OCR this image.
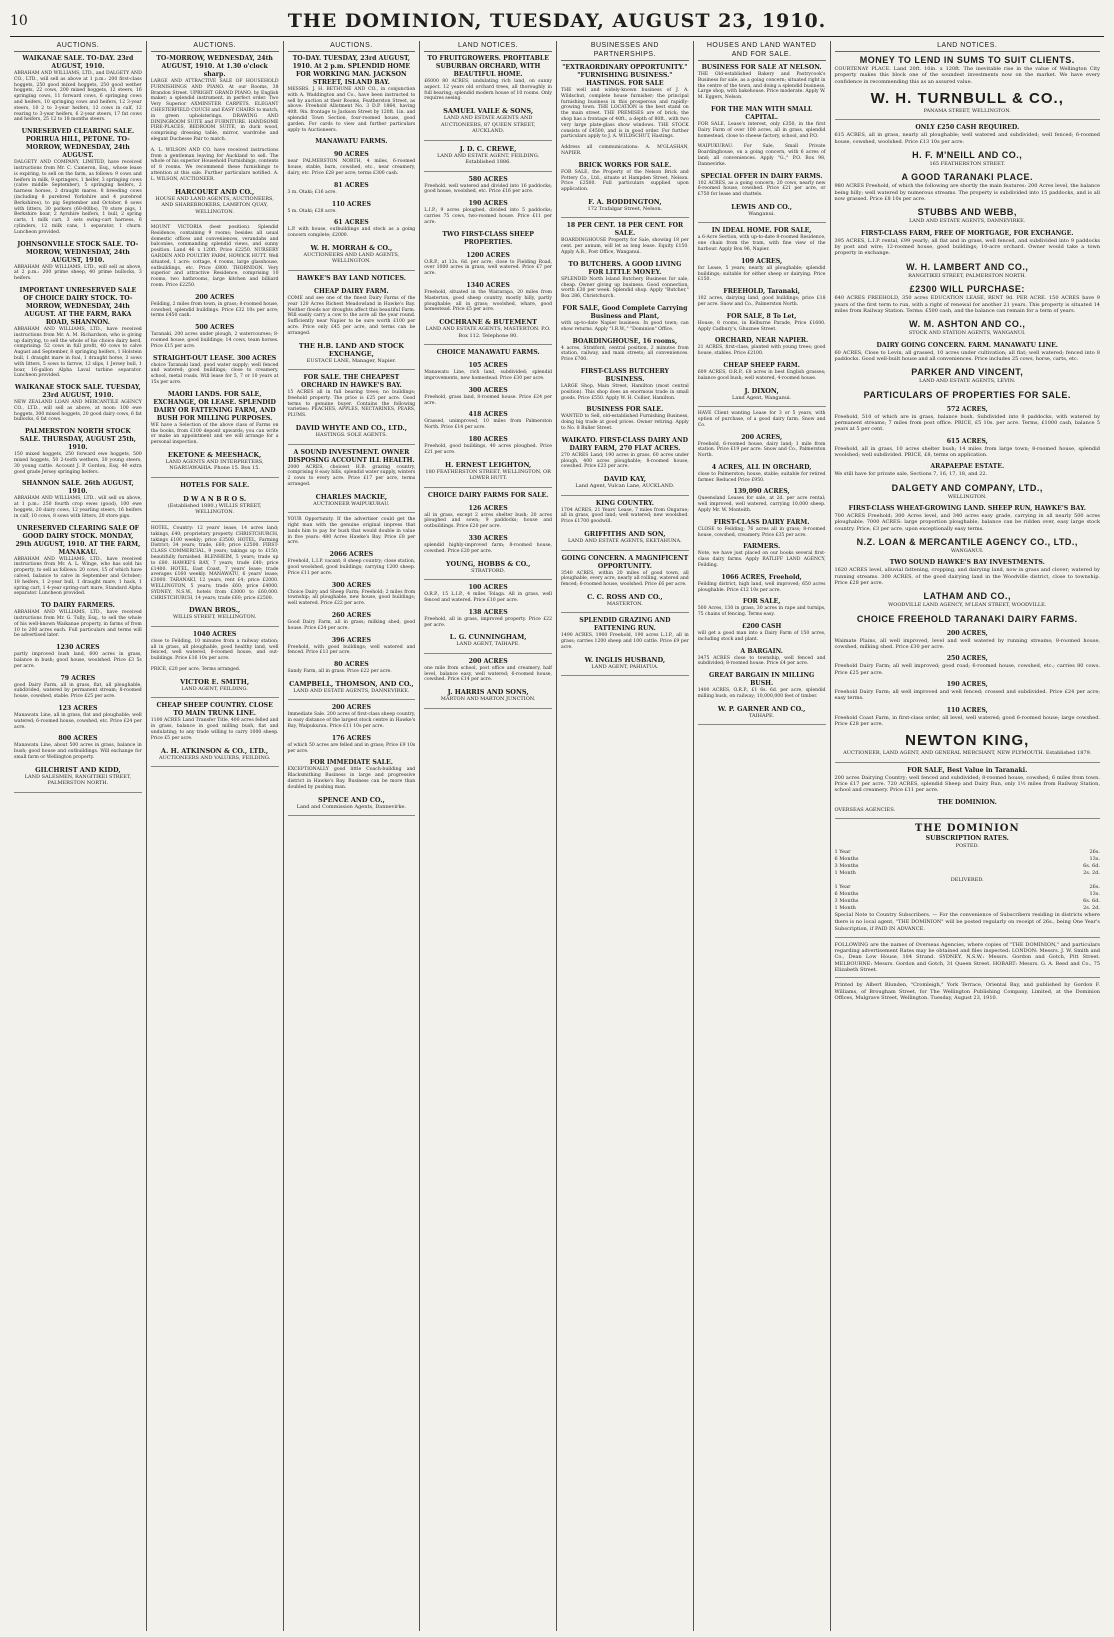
10	THE DOMINION, TUESDAY, AUGUST 23, 1910.
AUCTIONS.
WAIKANAE SALE. TO-DAY. 23rd AUGUST, 1910.
ABRAHAM AND WILLIAMS, LTD., and DALGETY AND CO., LTD., will sell as above at 1 p.m.: 200 first-class hoggets, 250 good mixed hoggets, 250 good wether hoggets, 22 cows, 200 mixed hoggets, 12 steers, 16 springing cows, 11 forward cows, 6 springing cows and heifers, 10 springing cows and heifers, 12 3-year steers, 10 2 to 3-year heifers, 12 cows in calf, 12 rearing to 3-year heifers, 6 2-year steers, 17 fat cows and heifers, 25 12 to 18 months steers.
UNRESERVED CLEARING SALE. PORIRUA HILL, PETONE. TO-MORROW, WEDNESDAY, 24th AUGUST.
DALGETY AND COMPANY, LIMITED, have received instructions from Mr. C. Cameron, Esq., whose lease is expiring, to sell on the farm, as follows: 9 cows and heifers in milk, 9 springers, 1 heifer, 3 springing cows (calve middle September), 5 springing heifers, 2 harness horses, 2 draught mares. 8 breeding cows (including 8 purebred Yorkshire and 4 purebred Berkshires), to pig September and October, 8 sows with litters, 30 porkers (60-80lbs), 70 store pigs, 1 Berkshire boar, 2 Ayrshire heifers, 1 bull, 2 spring carts, 1 milk cart, 3 sets swing-cart harness, 6 cylinders, 12 milk cans, 1 separator, 1 churn. Luncheon provided.
JOHNSONVILLE STOCK SALE. TO-MORROW, WEDNESDAY, 24th AUGUST, 1910.
ABRAHAM AND WILLIAMS, LTD., will sell as above, at 2 p.m.: 200 prime sheep, 40 prime bullocks, 3 heifers.
IMPORTANT UNRESERVED SALE OF CHOICE DAIRY STOCK. TO-MORROW, WEDNESDAY, 24th AUGUST. AT THE FARM, RAKA ROAD, SHANNON.
ABRAHAM AND WILLIAMS, LTD., have received instructions from Mr. A. M. Richardson, who is giving up dairying, to sell the whole of his choice dairy herd, comprising: 52 cows in full profit, 40 cows to calve August and September, 8 springing heifers, 1 Holstein bull, 1 draught mare in foal, 1 draught horse, 3 sows with litters, 5 sows to farrow, 12 slips, 1 Jersey bull, 1 boar, 16-gallon Alpha Laval turbine separator. Luncheon provided.
WAIKANAE STOCK SALE. TUESDAY, 23rd AUGUST, 1910.
NEW ZEALAND LOAN AND MERCANTILE AGENCY CO., LTD., will sell as above, at noon: 100 ewe hoggets, 300 mixed hoggets, 20 good dairy cows, 6 fat bullocks, 6 fat cows.
PALMERSTON NORTH STOCK SALE. THURSDAY, AUGUST 25th, 1910.
150 mixed hoggets, 250 forward ewe hoggets, 500 mixed hoggets, 50 2-tooth wethers, 30 young steers, 30 young cattle. Account J. P. Gordon, Esq. 40 extra good grade Jersey springing heifers.
SHANNON SALE. 26th AUGUST, 1910.
ABRAHAM AND WILLIAMS, LTD., will sell on above, at 1 p.m.: 250 fourth crop ewes (good), 100 ewe hoggets, 20 dairy cows, 12 yearling steers, 16 heifers in calf, 10 cows, 8 sows with litters, 20 store pigs.
UNRESERVED CLEARING SALE OF GOOD DAIRY STOCK. MONDAY, 29th AUGUST, 1910. AT THE FARM, MANAKAU.
ABRAHAM AND WILLIAMS, LTD., have received instructions from Mr. A. L. Winge, who has sold his property, to sell as follows: 20 cows, 15 of which have calved, balance to calve in September and October; 18 heifers, 1 2-year bull, 1 draught mare, 1 hack, 1 spring cart, 1 4-year spring-cart mare, Standard Alpha separator. Luncheon provided.
TO DAIRY FARMERS.
ABRAHAM AND WILLIAMS, LTD., have received instructions from Mr. G. Tully, Esq., to sell the whole of his well-known Waikanae property, in farms of from 10 to 200 acres each. Full particulars and terms will be advertised later.
1230 ACRES
partly improved bush land, 600 acres in grass, balance in bush; good house, woolshed. Price £3 5s per acre.
79 ACRES
good Dairy Farm, all in grass, flat, all ploughable, subdivided, watered by permanent stream; 8-roomed house, cowshed, stable. Price £25 per acre.
123 ACRES
Manawatu Line, all in grass, flat and ploughable; well watered; 6-roomed house, cowshed, etc. Price £24 per acre.
800 ACRES
Manawatu Line, about 500 acres in grass, balance in bush; good house and outbuildings. Will exchange for small farm or Wellington property.
GILCHRIST AND KIDD,
LAND SALESMEN, RANGITIKEI STREET, PALMERSTON NORTH.
AUCTIONS.
TO-MORROW, WEDNESDAY, 24th AUGUST, 1910. At 1.30 o'clock sharp.
LARGE AND ATTRACTIVE SALE OF HOUSEHOLD FURNISHINGS AND PIANO. At our Rooms, 38 Brandon Street. UPRIGHT GRAND PIANO, by English maker; a splendid instrument, in perfect order. Two Very Superior AXMINSTER CARPETS. ELEGANT CHESTERFIELD COUCH and EASY CHAIRS to match, in green upholsterings. DRAWING AND DININGROOM SUITE and FURNITURE. HANDSOME FIRE-PLACES, BEDROOM SUITE, in duck wood, comprising dressing table, mirror, wardrobe and elegant Duchesse Pair to match.
A. L. WILSON AND CO. have received instructions from a gentleman leaving for Auckland to sell. The whole of his superior Household Furnishings, contents of 8 rooms. We recommend these furnishings to attention at this sale. Further particulars notified. A. L. WILSON, AUCTIONEER.
HARCOURT AND CO.,
HOUSE AND LAND AGENTS, AUCTIONEERS, AND SHAREBROKERS, LAMBTON QUAY, WELLINGTON.
MOUNT VICTORIA (best position). Splendid Residence, containing 9 rooms; besides all usual domestic offices and conveniences, verandahs and balconies, commanding splendid views, and sunny position. Land 46 x 120ft. Price £2250. NURSERY GARDEN AND POULTRY FARM, HOWICK HUTT. Well situated, 1 acre: cottage, 4 rooms, large glasshouse, outbuildings, etc. Price £800. THORNDON. Very superior and attractive Residence, comprising 10 rooms, two bathrooms, large kitchen and billiard room. Price £2250.
200 ACRES
Feilding, 2 miles from town, in grass; 8-roomed house, cowshed, splendid buildings. Price £32 10s per acre; terms £450 cash.
500 ACRES
Taranaki, 200 acres under plough, 2 watercourses; 8-roomed house, good buildings; 14 cows, team horses. Price £15 per acre.
STRAIGHT-OUT LEASE. 300 ACRES
choice Taranaki land, good water supply; well fenced and watered; good buildings; close to creamery, school, metal roads. Will lease for 5, 7 or 10 years at 15s per acre.
MAORI LANDS. FOR SALE, EXCHANGE, OR LEASE. SPLENDID DAIRY OR FATTENING FARM, AND BUSH FOR MILLING PURPOSES.
WE have a Selection of the above class of Farms on the books, from £100 deposit upwards; you can write or make an appointment and we will arrange for a personal inspection.
EKETONE & MEESHACK,
LAND AGENTS AND INTERPRETERS, NGARUAWAHIA. Phone 15. Box 15.
HOTELS FOR SALE.
D W A N B R O S.
(Established 1880.) WILLIS STREET, WELLINGTON.
HOTEL, Country: 12 years' lease, 14 acres land; takings, £40; proprietary property. CHRISTCHURCH, takings £100 weekly; price £3500. HOTEL, Farming District; 34 years; trade, £60; price £2500. FIRST-CLASS COMMERCIAL, 9 years; takings up to £150; beautifully furnished. BLENHEIM, 5 years; trade up to £80. HAWKE'S BAY, 7 years; trade £40; price £1400. HOTEL, East Coast, 7 years' lease; trade averages £160 weekly. MANAWATU, 6 years' lease; £3000. TARANAKI, 12 years, rent £4; price £2000. WELLINGTON, 5 years; trade £60; price £4000. SYDNEY, N.S.W., hotels from £3000 to £60,000. CHRISTCHURCH, 14 years; trade £60; price £2500.
DWAN BROS.,
WILLIS STREET, WELLINGTON.
1040 ACRES
close to Feilding, 10 minutes from a railway station; all in grass, all ploughable, good healthy land, well fenced, well watered, 8-roomed house, and out-buildings. Price £16 10s per acre.
PRICE, £20 per acre. Terms arranged.
VICTOR E. SMITH,
LAND AGENT, FEILDING.
CHEAP SHEEP COUNTRY. CLOSE TO MAIN TRUNK LINE.
1100 ACRES Land Transfer Title, 400 acres felled and in grass, balance in good milling bush, flat and undulating; to any trade willing to carry 1000 sheep. Price £5 per acre.
A. H. ATKINSON & CO., LTD.,
AUCTIONEERS AND VALUERS, FEILDING.
AUCTIONS.
TO-DAY. TUESDAY, 23rd AUGUST, 1910. At 2 p.m. SPLENDID HOME FOR WORKING MAN. JACKSON STREET, ISLAND BAY.
MESSRS. J. H. BETHUNE AND CO., in conjunction with A. Waddington and Co., have been instructed to sell by auction at their Rooms, Featherston Street, as above: Freehold Allotment No. 3 D.P. 1864, having 40ft. 9in. frontage to Jackson Street by 120ft. 1in. and splendid Town Section, four-roomed house, good garden. For cards to view and further particulars apply to Auctioneers.
MANAWATU FARMS.
90 ACRES
near PALMERSTON NORTH, 4 miles, 6-roomed house, stable, barn, cowshed, etc., near creamery, dairy, etc. Price £28 per acre; terms £300 cash.
81 ACRES
3 m. Otaki; £16 acre.
110 ACRES
5 m. Otaki; £28 acre.
61 ACRES
L.P. with house, outbuildings and stock as a going concern complete; £2000.
W. H. MORRAH & CO.,
AUCTIONEERS AND LAND AGENTS, WELLINGTON.
HAWKE'S BAY LAND NOTICES.
CHEAP DAIRY FARM.
COME and see one of the finest Dairy Farms of the year 120 Acres Richest Meadowland in Hawke's Bay. Neither floods nor droughts affect this beautiful Farm. Will easily carry a cow to the acre all the year round. Sufficiently near Napier to be sure worth £100 per acre. Price only £45 per acre, and terms can be arranged.
THE H.B. LAND AND STOCK EXCHANGE,
EUSTACE LANE, Manager, Napier.
FOR SALE. THE CHEAPEST ORCHARD IN HAWKE'S BAY.
15 ACRES all in full bearing trees; no buildings; freehold property. The price is £25 per acre. Good terms to genuine buyer. Contains the following varieties: PEACHES, APPLES, NECTARINES, PEARS, PLUMS.
DAVID WHYTE AND CO., LTD.,
HASTINGS. SOLE AGENTS.
A SOUND INVESTMENT. OWNER DISPOSING ACCOUNT ILL HEALTH.
2000 ACRES, choicest H.B. grazing country, comprising 8 easy hills, splendid water supply, winters 2 cows to every acre. Price £17 per acre, terms arranged.
CHARLES MACKIE,
AUCTIONEER WAIPUKURAU.
YOUR Opportunity. If the advertiser could get the right man with the genuine original impress that lands him to pay for bush that would double in value in five years: 480 Acres Hawke's Bay. Price £8 per acre.
2066 ACRES
Freehold, L.I.P. vacant; 8 sheep country; close station, good woolshed, good buildings; carrying 1200 sheep. Price £11 per acre.
300 ACRES
Choice Dairy and Sheep Farm; Freehold; 2 miles from township; all ploughable, new house, good buildings; well watered. Price £22 per acre.
260 ACRES
Good Dairy Farm, all in grass; milking shed, good house. Price £24 per acre.
396 ACRES
Freehold, with good buildings; well watered and fenced. Price £13 per acre.
80 ACRES
Sandy Farm, all in grass. Price £22 per acre.
CAMPBELL, THOMSON, AND CO.,
LAND AND ESTATE AGENTS, DANNEVIRKE.
200 ACRES
Immediate Sale. 200 acres of first-class sheep country, in easy distance of the largest stock centre in Hawke's Bay, Waipukurau. Price £11 10s per acre.
176 ACRES
of which 50 acres are felled and in grass; Price £9 10s per acre.
FOR IMMEDIATE SALE.
EXCEPTIONALLY good little Coach-building and Blacksmithing Business in large and progressive district in Hawke's Bay. Business can be more than doubled by pushing man.
SPENCE AND CO.,
Land and Commission Agents, Dannevirke.
LAND NOTICES.
TO FRUITGROWERS. PROFITABLE SUBURBAN ORCHARD, WITH BEAUTIFUL HOME.
£6000 80 ACRES, undulating rich land, on sunny aspect. 12 years old orchard trees, all thoroughly in full bearing; splendid modern house of 10 rooms. Only requires seeing.
SAMUEL VAILE & SONS,
LAND AND ESTATE AGENTS AND AUCTIONEERS, 87 QUEEN STREET, AUCKLAND.
J. D. C. CREWE,
LAND AND ESTATE AGENT, FEILDING. Established 1886.
580 ACRES
Freehold, well watered and divided into 16 paddocks; good house, woolshed, etc. Price £16 per acre.
190 ACRES
L.I.P.; 9 acres ploughed, divided into 5 paddocks; carries 75 cows, two-roomed house. Price £11 per acre.
TWO FIRST-CLASS SHEEP PROPERTIES.
1200 ACRES
O.R.P., at 12s. 6d. per acre; close to Fielding Road, over 1000 acres in grass, well watered. Price £7 per acre.
1340 ACRES
Freehold, situated in the Wairarapa, 20 miles from Masterton, good sheep country, mostly hilly, partly ploughable; all in grass; woolshed, whare, good homestead. Price £5 per acre.
COCHRANE & BUTEMENT
LAND AND ESTATE AGENTS, MASTERTON. P.O. Box 112. Telephone 80.
CHOICE MANAWATU FARMS.
105 ACRES
Manawatu Line, rich land, subdivided; splendid improvements, new homestead. Price £30 per acre.
300 ACRES
Freehold, grass land, 8-roomed house. Price £24 per acre.
418 ACRES
Grassed, unimproved, 10 miles from Palmerston North. Price £14 per acre.
180 ACRES
Freehold, good buildings, 40 acres ploughed. Price £21 per acre.
H. ERNEST LEIGHTON,
180 FEATHERSTON STREET, WELLINGTON, OR LOWER HUTT.
CHOICE DAIRY FARMS FOR SALE.
126 ACRES
all in grass, except 2 acres shelter bush; 20 acres ploughed and sown; 9 paddocks; house and outbuildings. Price £20 per acre.
330 ACRES
splendid highly-improved farm; 8-roomed house, cowshed. Price £20 per acre.
YOUNG, HOBBS & CO.,
STRATFORD.
100 ACRES
O.R.P., 15 L.I.P., 4 miles Tolaga. All in grass, well fenced and watered. Price £10 per acre.
138 ACRES
Freehold, all in grass, improved property. Price £22 per acre.
L. G. CUNNINGHAM,
LAND AGENT, TAIHAPE.
200 ACRES
one mile from school, post office and creamery, half level, balance easy, well watered; 6-roomed house, cowshed. Price £14 per acre.
J. HARRIS AND SONS,
MARTON AND MARTON JUNCTION.
BUSINESSES AND PARTNERSHIPS.
"EXTRAORDINARY OPPORTUNITY." "FURNISHING BUSINESS." HASTINGS. FOR SALE
THE well and widely-known business of J. A. Wildschut, complete house furnisher; the principal furnishing business in this prosperous and rapidly-growing town. THE LOCATION is the best stand on the main street. THE PREMISES are of brick; the shop has a frontage of 40ft., a depth of 80ft., with two very large plate-glass show windows. THE STOCK consists of £4500, and is in good order. For further particulars apply to J. A. WILDSCHUT, Hastings.
Address all communications: A. M'GLASHAN, NAPIER.
BRICK WORKS FOR SALE.
FOR SALE, the Property of the Nelson Brick and Pottery Co., Ltd., situate at Hampden Street, Nelson. Price £2500. Full particulars supplied upon application.
F. A. BODDINGTON,
172 Trafalgar Street, Nelson.
18 PER CENT. 18 PER CENT. FOR SALE.
BOARDINGHOUSE Property for Sale, showing 18 per cent. per annum, will let as long lease. Equity £150. Apply A.B., Post Office, Wanganui.
TO BUTCHERS. A GOOD LIVING FOR LITTLE MONEY.
SPLENDID North Island Butchery Business for sale, cheap. Owner giving up business. Good connection, worth £30 per week. Splendid shop. Apply "Butcher," Box 286, Christchurch.
FOR SALE, Good Complete Carrying Business and Plant,
with up-to-date Napier business. In good town; can show returns. Apply "I.R.W.," "Dominion" Office.
BOARDINGHOUSE, 16 rooms,
4 acres, Stratford, central position, 2 minutes from station, railway, and main streets; all conveniences. Price £700.
FIRST-CLASS BUTCHERY BUSINESS.
LARGE Shop, Main Street, Hamilton (most central position). This shop does an enormous trade in small goods. Price £550. Apply W. H. Collier, Hamilton.
BUSINESS FOR SALE.
WANTED to Sell, old-established Furnishing Business, doing big trade at good prices. Owner retiring. Apply to No. 8 Buller Street.
WAIKATO. FIRST-CLASS DAIRY AND DAIRY FARM, 270 FLAT ACRES.
270 ACRES Land; 190 acres in grass, 60 acres under plough, 400 acres ploughable; 8-roomed house, cowshed. Price £23 per acre.
DAVID KAY,
Land Agent, Vulcan Lane, AUCKLAND.
KING COUNTRY.
1704 ACRES, 21 Years' Lease, 7 miles from Ongarue; all in grass, good land; well watered; new woolshed. Price £1700 goodwill.
GRIFFITHS AND SON,
LAND AND ESTATE AGENTS, EKETAHUNA.
GOING CONCERN. A MAGNIFICENT OPPORTUNITY.
3540 ACRES, within 20 miles of good town, all ploughable, every acre, nearly all rolling, watered and fenced; 6-roomed house, woolshed. Price £6 per acre.
C. C. ROSS AND CO.,
MASTERTON.
SPLENDID GRAZING AND FATTENING RUN.
1490 ACRES, 1900 Freehold, 190 acres L.I.P., all in grass; carries 1200 sheep and 100 cattle. Price £9 per acre.
W. INGLIS HUSBAND,
LAND AGENT, PAHIATUA.
HOUSES AND LAND WANTED AND FOR SALE.
BUSINESS FOR SALE AT NELSON.
THE Old-established Bakery and Pastrycook's Business for sale, as a going concern; situated right in the centre of the town, and doing a splendid business. Large shop, with bakehouse. Price moderate. Apply W. M. Eggers, Nelson.
FOR THE MAN WITH SMALL CAPITAL.
FOR SALE, Lease's interest, only £350, in the first Dairy Farm of over 100 acres, all in grass, splendid homestead, close to cheese factory, school, and P.O.
WAIPUKURAU. For Sale, Small Private Boardinghouse, on a going concern, with 6 acres of land; all conveniences. Apply "G.," P.O. Box 98, Dannevirke.
SPECIAL OFFER IN DAIRY FARMS.
102 ACRES, as a going concern; 20 cows, nearly new 6-roomed house, cowshed. Price £21 per acre, or £750 for lease and chattels.
LEWIS AND CO.,
Wanganui.
IN IDEAL HOME. FOR SALE,
a 6-Acre Section, with up-to-date 8-roomed Residence, one chain from the tram, with fine view of the harbour. Apply Box 96, Napier.
109 ACRES,
for Lease, 5 years; nearly all ploughable; splendid buildings; suitable for either sheep or dairying. Price £150.
FREEHOLD, Taranaki,
102 acres, dairying land, good buildings; price £18 per acre. Snow and Co., Palmerston North.
FOR SALE, 8 To Let,
House, 8 rooms, in Kelburne Parade, Price £1600. Apply Cadbury's, Ghuznee Street.
ORCHARD, NEAR NAPIER.
21 ACRES, first-class, planted with young trees; good house, stables. Price £2100.
CHEAP SHEEP FARM.
609 ACRES, O.R.P., £8 acres in best English grasses; balance good bush; well watered, 4-roomed house.
J. DIXON,
Land Agent, Wanganui.
HAVE Client wanting Lease for 3 or 5 years, with option of purchase, of a good dairy farm. Snow and Co.
200 ACRES,
Freehold, 6-roomed house, dairy land; 1 mile from station. Price £19 per acre. Snow and Co., Palmerston North.
4 ACRES, ALL IN ORCHARD,
close to Palmerston; house, stable; suitable for retired farmer. Reduced Price £950.
139,090 ACRES,
Queensland Leases for sale, at 2d. per acre rental; well improved, well watered, carrying 10,000 sheep. Apply Mr. W. Monteith.
FIRST-CLASS DAIRY FARM.
CLOSE to Feilding; 76 acres all in grass; 8-roomed house, cowshed, creamery. Price £35 per acre.
FARMERS.
Note, we have just placed on our books several first-class dairy farms. Apply RATLIFF LAND AGENCY, Feilding.
1066 ACRES, Freehold,
Feilding district, high land, well improved; 650 acres ploughable. Price £12 10s per acre.
FOR SALE,
500 Acres, 130 in grass, 30 acres in rape and turnips, 75 chains of fencing. Terms easy.
£200 CASH
will get a good man into a Dairy Farm of 150 acres, including stock and plant.
A BARGAIN.
3475 ACRES close to township, well fenced and subdivided; 8-roomed house. Price £4 per acre.
GREAT BARGAIN IN MILLING BUSH.
1400 ACRES, O.R.P., £1 6s. 6d. per acre, splendid milling bush, on railway; 10,000,000 feet of timber.
W. P. GARNER AND CO.,
TAIHAPE.
LAND NOTICES.
MONEY TO LEND IN SUMS TO SUIT CLIENTS.
COURTENAY PLACE. Land 20ft. 10in. x 120ft. The inevitable rise in the value of Wellington City property makes this block one of the soundest investments now on the market. We have every confidence in recommending this as an assured value.
W. H. TURNBULL & CO.,
PANAMA STREET, WELLINGTON.
ONLY £250 CASH REQUIRED.
615 ACRES, all in grass, nearly all ploughable; well watered and subdivided; well fenced; 6-roomed house, cowshed, woolshed. Price £13 10s per acre.
H. F. M'NEILL AND CO.,
165 FEATHERSTON STREET.
A GOOD TARANAKI PLACE.
980 ACRES Freehold, of which the following are shortly the main features: 200 Acres level, the balance being hilly; well watered by numerous streams. The property is subdivided into 15 paddocks, and is all now grassed. Price £8 10s per acre.
STUBBS AND WEBB,
LAND AND ESTATE AGENTS, DANNEVIRKE.
FIRST-CLASS FARM, FREE OF MORTGAGE, FOR EXCHANGE.
395 ACRES, L.I.P. rental, £99 yearly; all flat and in grass, well fenced, and subdivided into 9 paddocks by post and wire; 12-roomed house, good buildings; 10-acre orchard. Owner would take a town property in exchange.
W. H. LAMBERT AND CO.,
RANGITIKEI STREET, PALMERSTON NORTH.
£2300 WILL PURCHASE:
640 ACRES FREEHOLD, 350 acres EDUCATION LEASE, RENT 9d. PER ACRE. 150 ACRES have 9 years of the first term to run, with a right of renewal for another 21 years. This property is situated 14 miles from Railway Station. Terms: £500 cash, and the balance can remain for a term of years.
W. M. ASHTON AND CO.,
STOCK AND STATION AGENTS, WANGANUI.
DAIRY GOING CONCERN. FARM. MANAWATU LINE.
60 ACRES, Close to Levin, all grassed, 10 acres under cultivation; all flat; well watered; fenced into 8 paddocks. Good well-built house and all conveniences. Price includes 25 cows, horse, carts, etc.
PARKER AND VINCENT,
LAND AND ESTATE AGENTS, LEVIN.
PARTICULARS OF PROPERTIES FOR SALE.
572 ACRES,
Freehold, 510 of which are in grass, balance bush. Subdivided into 8 paddocks, with watered by permanent streams; 7 miles from post office. PRICE, £5 10s. per acre. Terms, £1000 cash, balance 5 years at 5 per cent.
615 ACRES,
Freehold, all in grass, 10 acres shelter bush; 14 miles from large town; 8-roomed house, splendid woolshed; well subdivided. PRICE, £8, terms on application.
ARAPAEPAE ESTATE.
We still have for private sale, Sections 7, 16, 17, 18, and 22.
DALGETY AND COMPANY, LTD.,
WELLINGTON.
FIRST-CLASS WHEAT-GROWING LAND. SHEEP RUN, HAWKE'S BAY.
700 ACRES Freehold; 300 Acres level, and 340 acres easy grade, carrying in all nearly 500 acres ploughable. 7000 ACRES: large proportion ploughable, balance can be ridden over, easy large stock country. Price, £3 per acre, upon exceptionally easy terms.
N.Z. LOAN & MERCANTILE AGENCY CO., LTD.,
WANGANUI.
TWO SOUND HAWKE'S BAY INVESTMENTS.
1620 ACRES level, alluvial fattening, cropping, and dairying land, now in grass and clover; watered by running streams. 300 ACRES, of the good dairying land in the Woodville district, close to township. Price £28 per acre.
LATHAM AND CO.,
WOODVILLE LAND AGENCY, M'LEAN STREET, WOODVILLE.
CHOICE FREEHOLD TARANAKI DAIRY FARMS.
200 ACRES,
Waimate Plains, all well improved, level and well watered by running streams; 8-roomed house, cowshed, milking shed. Price £30 per acre.
250 ACRES,
Freehold Dairy Farm; all well improved; good road; 6-roomed house, cowshed, etc.; carries 80 cows. Price £25 per acre.
190 ACRES,
Freehold Dairy Farm; all well improved and well fenced; crossed and subdivided. Price £24 per acre; easy terms.
110 ACRES,
Freehold Coast Farm, in first-class order, all level, well watered; good 6-roomed house; large cowshed. Price £28 per acre.
NEWTON KING,
AUCTIONEER, LAND AGENT, AND GENERAL MERCHANT, NEW PLYMOUTH. Established 1879.
FOR SALE, Best Value in Taranaki.
200 acres Dairying Country; well fenced and subdivided; 8-roomed house, cowshed; 6 miles from town. Price £17 per acre. 720 ACRES, splendid Sheep and Dairy Run, only 1½ miles from Railway Station, school and creamery. Price £11 per acre.
THE DOMINION.
OVERSEAS AGENCIES.
THE DOMINION
SUBSCRIPTION RATES.
POSTED.
1 Year	26s.
6 Months	13s.
3 Months	6s. 6d.
1 Month	2s. 2d.
DELIVERED.
1 Year	26s.
6 Months	13s.
3 Months	6s. 6d.
1 Month	2s. 2d.
Special Note to Country Subscribers. — For the convenience of Subscribers residing in districts where there is no local agent, "THE DOMINION" will be posted regularly on receipt of 26s., being One Year's Subscription, if PAID IN ADVANCE.
FOLLOWING are the names of Overseas Agencies, where copies of "THE DOMINION," and particulars regarding advertisement Rates may be obtained and files inspected: LONDON: Messrs. J. W. Smith and Co., Dean Low House, 184 Strand. SYDNEY, N.S.W.: Messrs. Gordon and Gotch, Pitt Street. MELBOURNE: Messrs. Gordon and Gotch, 31 Queen Street. HOBART: Messrs. G. A. Reed and Co., 75 Elizabeth Street.
Printed by Albert Blunden, "Cromleigh," York Terrace, Oriental Bay, and published by Gordon F. Williams, of Brougham Street, for The Wellington Publishing Company, Limited, at the Dominion Offices, Mulgrave Street, Wellington. Tuesday, August 23, 1910.
